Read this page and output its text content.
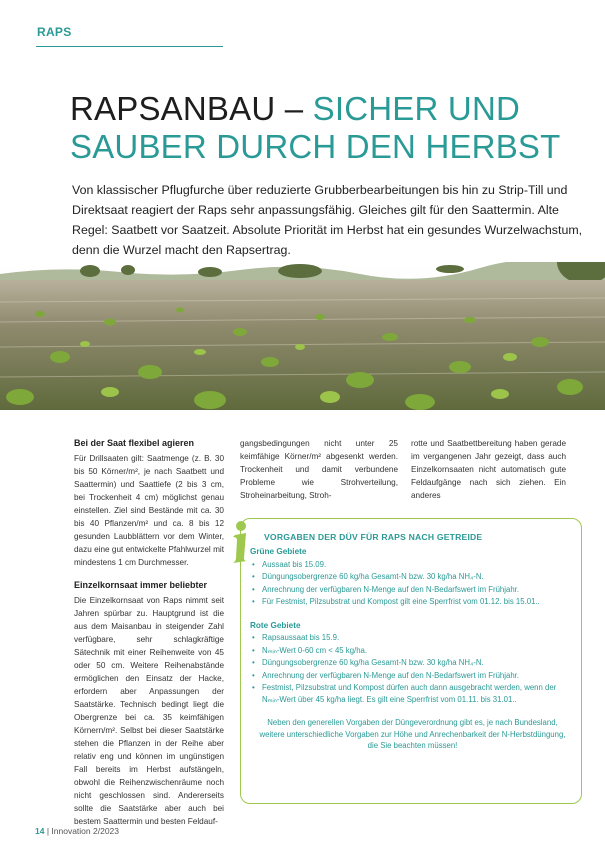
RAPS
RAPSANBAU – SICHER UND
SAUBER DURCH DEN HERBST

Von klassischer Pflugfurche über reduzierte Grubberbearbeitungen bis hin zu Strip-Till und Direktsaat reagiert der Raps sehr anpassungsfähig. Gleiches gilt für den Saattermin. Alte Regel: Saatbett vor Saatzeit. Absolute Priorität im Herbst hat ein gesundes Wurzelwachstum, denn die Wurzel macht den Rapsertrag.

Bei der Saat flexibel agieren

Für Drillsaaten gilt: Saatmenge (z. B. 30 bis 50 Körner/m², je nach Saatbett und Saattermin) und Saattiefe (2 bis 3 cm, bei Trockenheit 4 cm) möglichst genau einstellen. Ziel sind Bestände mit ca. 30 bis 40 Pflanzen/m² und ca. 8 bis 12 gesunden Laubblättern vor dem Winter, dazu eine gut entwickelte Pfahlwurzel mit mindestens 1 cm Durchmesser.

Einzelkornsaat immer beliebter

Die Einzelkornsaat von Raps nimmt seit Jahren spürbar zu. Hauptgrund ist die aus dem Maisanbau in steigender Zahl verfügbare, sehr schlagkräftige Sätechnik mit einer Reihenweite von 45 oder 50 cm. Weitere Reihenabstände ermöglichen den Einsatz der Hacke, erfordern aber Anpassungen der Saatstärke. Technisch bedingt liegt die Obergrenze bei ca. 35 keimfähigen Körnern/m². Selbst bei dieser Saatstärke stehen die Pflanzen in der Reihe aber relativ eng und können im ungünstigen Fall bereits im Herbst aufstängeln, obwohl die Reihenzwischenräume noch nicht geschlossen sind. Andererseits sollte die Saatstärke aber auch bei bestem Saattermin und besten Feldauf-

gangsbedingungen nicht unter 25 keimfähige Körner/m² abgesenkt werden. Trockenheit und damit verbundene Probleme wie Strohverteilung, Stroheinarbeitung, Stroh-

rotte und Saatbettbereitung haben gerade im vergangenen Jahr gezeigt, dass auch Einzelkornsaaten nicht automatisch gute Feldaufgänge nach sich ziehen. Ein anderes

VORGABEN DER DÜV FÜR RAPS NACH GETREIDE
Grüne Gebiete
• Aussaat bis 15.09.
• Düngungsobergrenze 60 kg/ha Gesamt-N bzw. 30 kg/ha NH₄-N.
• Anrechnung der verfügbaren N-Menge auf den N-Bedarfswert im Frühjahr.
• Für Festmist, Pilzsubstrat und Kompost gilt eine Sperrfrist vom 01.12. bis 15.01..
Rote Gebiete
• Rapsaussaat bis 15.9.
• Nₘᵢₙ-Wert 0-60 cm < 45 kg/ha.
• Düngungsobergrenze 60 kg/ha Gesamt-N bzw. 30 kg/ha NH₄-N.
• Anrechnung der verfügbaren N-Menge auf den N-Bedarfswert im Frühjahr.
• Festmist, Pilzsubstrat und Kompost dürfen auch dann ausgebracht werden, wenn der Nₘᵢₙ-Wert über 45 kg/ha liegt. Es gilt eine Sperrfrist vom 01.11. bis 31.01..

Neben den generellen Vorgaben der Düngeverordnung gibt es, je nach Bundesland, weitere unterschiedliche Vorgaben zur Höhe und Anrechenbarkeit der N-Herbstdüngung, die Sie beachten müssen!

14 | Innovation 2/2023
